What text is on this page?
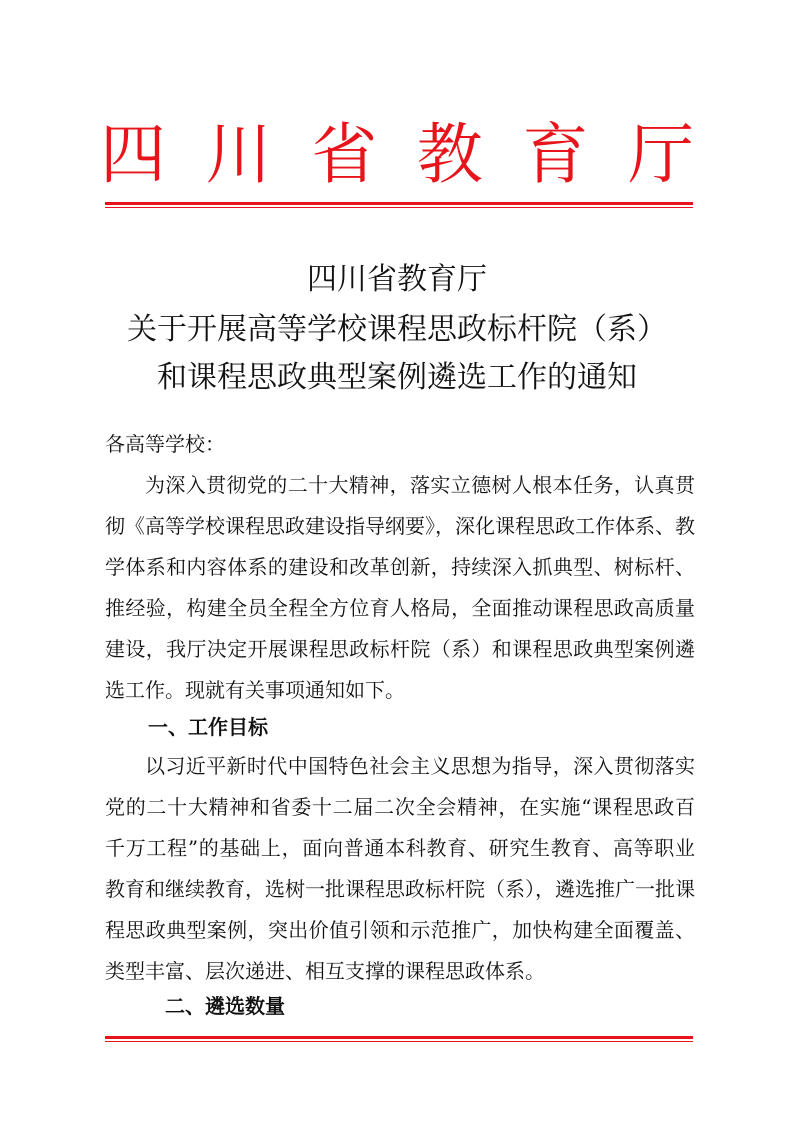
四 川 省 教 育 厅
四川省教育厅
关于开展高等学校课程思政标杆院（系）
和课程思政典型案例遴选工作的通知

各高等学校：

为深入贯彻党的二十大精神，落实立德树人根本任务，认真贯彻《高等学校课程思政建设指导纲要》，深化课程思政工作体系、教学体系和内容体系的建设和改革创新，持续深入抓典型、树标杆、推经验，构建全员全程全方位育人格局，全面推动课程思政高质量建设，我厅决定开展课程思政标杆院（系）和课程思政典型案例遴选工作。现就有关事项通知如下。

一、工作目标

以习近平新时代中国特色社会主义思想为指导，深入贯彻落实党的二十大精神和省委十二届二次全会精神，在实施“课程思政百千万工程”的基础上，面向普通本科教育、研究生教育、高等职业教育和继续教育，选树一批课程思政标杆院（系），遴选推广一批课程思政典型案例，突出价值引领和示范推广，加快构建全面覆盖、类型丰富、层次递进、相互支撑的课程思政体系。

二、遴选数量
